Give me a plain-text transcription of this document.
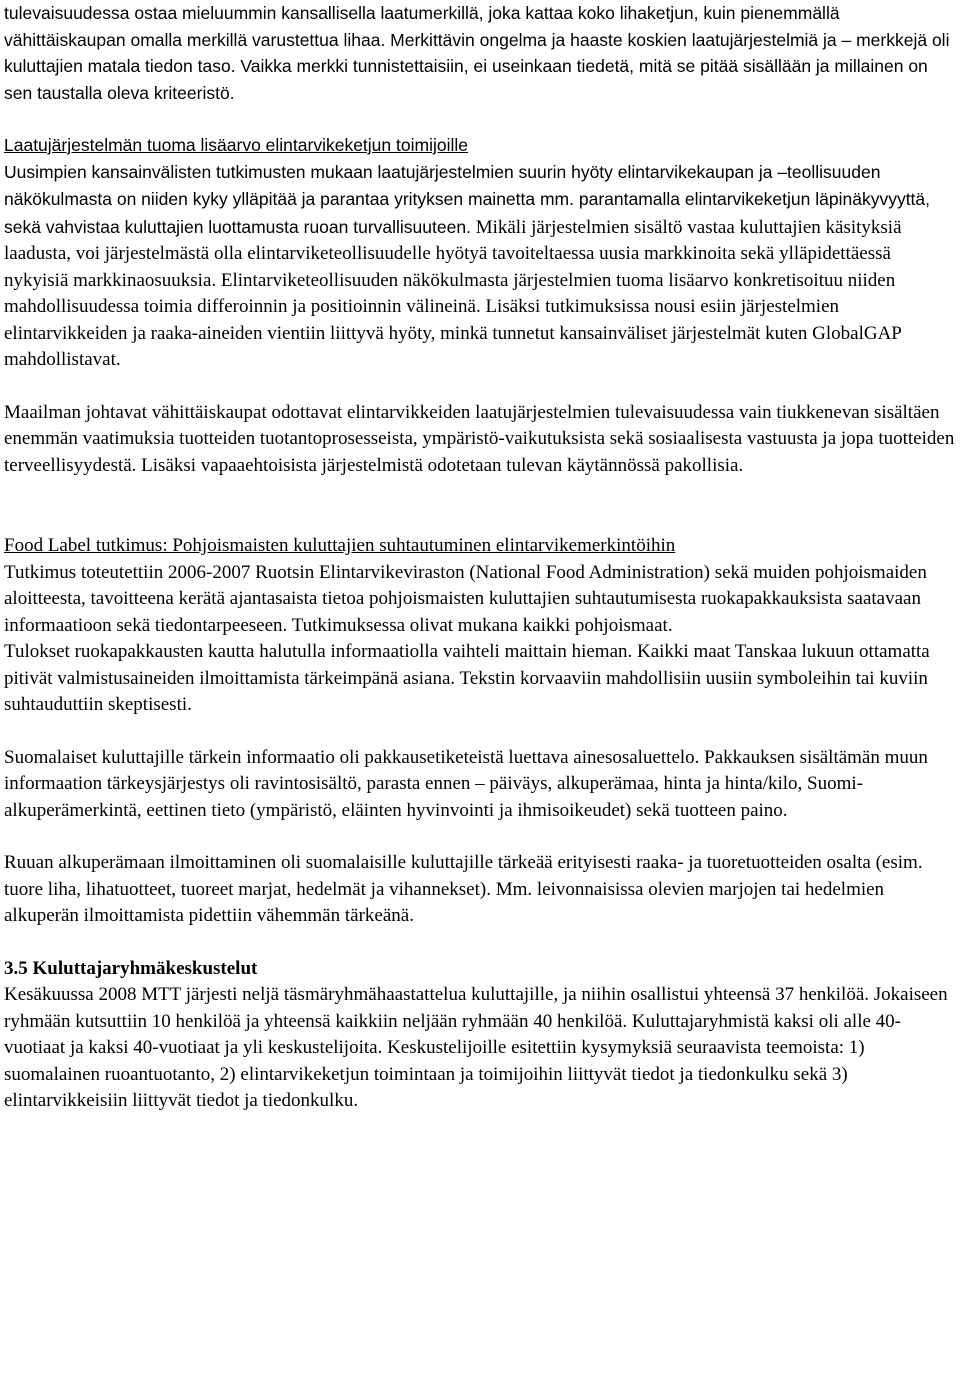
tulevaisuudessa ostaa mieluummin kansallisella laatumerkillä, joka kattaa koko lihaketjun, kuin pienemmällä vähittäiskaupan omalla merkillä varustettua lihaa. Merkittävin ongelma ja haaste koskien laatujärjestelmiä ja – merkkejä oli kuluttajien matala tiedon taso. Vaikka merkki tunnistettaisiin, ei useinkaan tiedetä, mitä se pitää sisällään ja millainen on sen taustalla oleva kriteeristö.

Laatujärjestelmän tuoma lisäarvo elintarvikeketjun toimijoille

Uusimpien kansainvälisten tutkimusten mukaan laatujärjestelmien suurin hyöty elintarvikekaupan ja –teollisuuden näkökulmasta on niiden kyky ylläpitää ja parantaa yrityksen mainetta mm. parantamalla elintarvikeketjun läpinäkyvyyttä, sekä vahvistaa kuluttajien luottamusta ruoan turvallisuuteen. Mikäli järjestelmien sisältö vastaa kuluttajien käsityksiä laadusta, voi järjestelmästä olla elintarviketeollisuudelle hyötyä tavoiteltaessa uusia markkinoita sekä ylläpidettäessä nykyisiä markkinaosuuksia. Elintarviketeollisuuden näkökulmasta järjestelmien tuoma lisäarvo konkretisoituu niiden mahdollisuudessa toimia differoinnin ja positioinnin välineinä. Lisäksi tutkimuksissa nousi esiin järjestelmien elintarvikkeiden ja raaka-aineiden vientiin liittyvä hyöty, minkä tunnetut kansainväliset järjestelmät kuten GlobalGAP mahdollistavat.

Maailman johtavat vähittäiskaupat odottavat elintarvikkeiden laatujärjestelmien tulevaisuudessa vain tiukkenevan sisältäen enemmän vaatimuksia tuotteiden tuotantoprosesseista, ympäristö-vaikutuksista sekä sosiaalisesta vastuusta ja jopa tuotteiden terveellisyydestä. Lisäksi vapaaehtoisista järjestelmistä odotetaan tulevan käytännössä pakollisia.

Food Label tutkimus: Pohjoismaisten kuluttajien suhtautuminen elintarvikemerkintöihin

Tutkimus toteutettiin 2006-2007 Ruotsin Elintarvikeviraston (National Food Administration) sekä muiden pohjoismaiden aloitteesta, tavoitteena kerätä ajantasaista tietoa pohjoismaisten kuluttajien suhtautumisesta ruokapakkauksista saatavaan informaatioon sekä tiedontarpeeseen. Tutkimuksessa olivat mukana kaikki pohjoismaat.

Tulokset ruokapakkausten kautta halutulla informaatiolla vaihteli maittain hieman. Kaikki maat Tanskaa lukuun ottamatta pitivät valmistusaineiden ilmoittamista tärkeimpänä asiana. Tekstin korvaaviin mahdollisiin uusiin symboleihin tai kuviin suhtauduttiin skeptisesti.

Suomalaiset kuluttajille tärkein informaatio oli pakkausetiketeistä luettava ainesosaluettelo. Pakkauksen sisältämän muun informaation tärkeysjärjestys oli ravintosisältö, parasta ennen – päiväys, alkuperämaa, hinta ja hinta/kilo, Suomi-alkuperämerkintä, eettinen tieto (ympäristö, eläinten hyvinvointi ja ihmisoikeudet) sekä tuotteen paino.

Ruuan alkuperämaan ilmoittaminen oli suomalaisille kuluttajille tärkeää erityisesti raaka- ja tuoretuotteiden osalta (esim. tuore liha, lihatuotteet, tuoreet marjat, hedelmät ja vihannekset). Mm. leivonnaisissa olevien marjojen tai hedelmien alkuperän ilmoittamista pidettiin vähemmän tärkeänä.

3.5 Kuluttajaryhmäkeskustelut

Kesäkuussa 2008 MTT järjesti neljä täsmäryhmähaastattelua kuluttajille, ja niihin osallistui yhteensä 37 henkilöä. Jokaiseen ryhmään kutsuttiin 10 henkilöä ja yhteensä kaikkiin neljään ryhmään 40 henkilöä. Kuluttajaryhmistä kaksi oli alle 40-vuotiaat ja kaksi 40-vuotiaat ja yli keskustelijoita. Keskustelijoille esitettiin kysymyksiä seuraavista teemoista: 1) suomalainen ruoantuotanto, 2) elintarvikeketjun toimintaan ja toimijoihin liittyvät tiedot ja tiedonkulku sekä 3) elintarvikkeisiin liittyvät tiedot ja tiedonkulku.
